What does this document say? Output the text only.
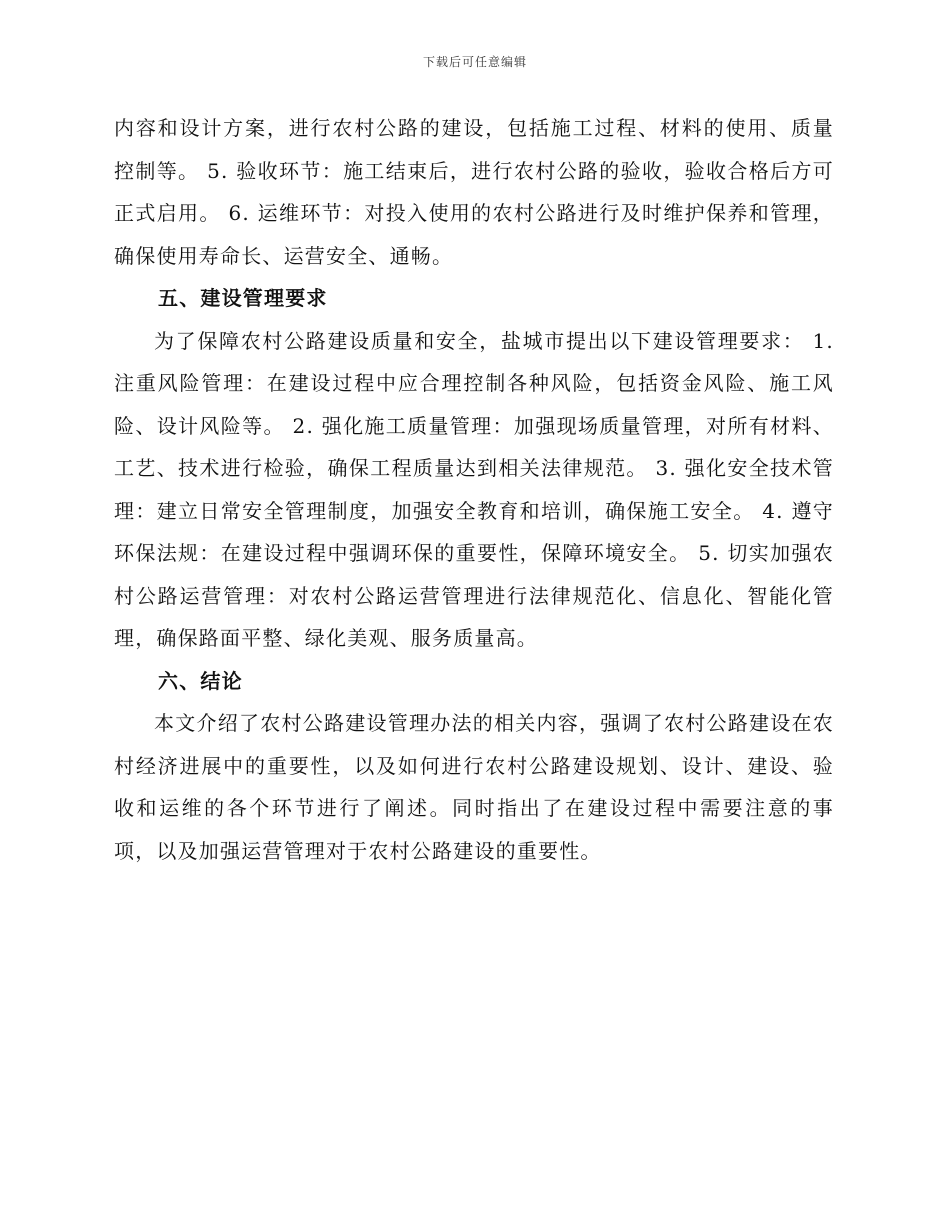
下载后可任意编辑

内容和设计方案，进行农村公路的建设，包括施工过程、材料的使用、质量控制等。 5. 验收环节：施工结束后，进行农村公路的验收，验收合格后方可正式启用。 6. 运维环节：对投入使用的农村公路进行及时维护保养和管理，确保使用寿命长、运营安全、通畅。

五、建设管理要求

为了保障农村公路建设质量和安全，盐城市提出以下建设管理要求： 1. 注重风险管理：在建设过程中应合理控制各种风险，包括资金风险、施工风险、设计风险等。 2. 强化施工质量管理：加强现场质量管理，对所有材料、工艺、技术进行检验，确保工程质量达到相关法律规范。 3. 强化安全技术管理：建立日常安全管理制度，加强安全教育和培训，确保施工安全。 4. 遵守环保法规：在建设过程中强调环保的重要性，保障环境安全。 5. 切实加强农村公路运营管理：对农村公路运营管理进行法律规范化、信息化、智能化管理，确保路面平整、绿化美观、服务质量高。

六、结论

本文介绍了农村公路建设管理办法的相关内容，强调了农村公路建设在农村经济进展中的重要性，以及如何进行农村公路建设规划、设计、建设、验收和运维的各个环节进行了阐述。同时指出了在建设过程中需要注意的事项，以及加强运营管理对于农村公路建设的重要性。
